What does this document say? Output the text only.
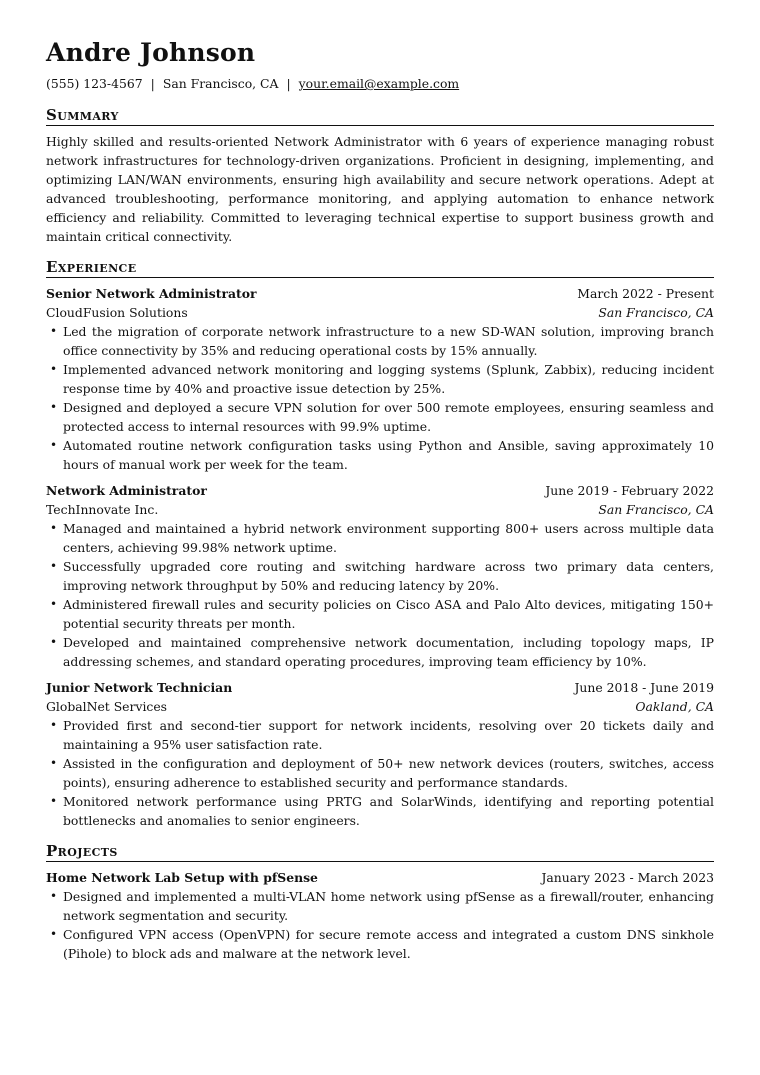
Andre Johnson
(555) 123-4567 | San Francisco, CA | your.email@example.com
Summary

Highly skilled and results-oriented Network Administrator with 6 years of experience managing robust network infrastructures for technology-driven organizations. Proficient in designing, implementing, and optimizing LAN/WAN environments, ensuring high availability and secure network operations. Adept at advanced troubleshooting, performance monitoring, and applying automation to enhance network efficiency and reliability. Committed to leveraging technical expertise to support business growth and maintain critical connectivity.

Experience
Senior Network Administrator	March 2022 - Present
CloudFusion Solutions	San Francisco, CA
• Led the migration of corporate network infrastructure to a new SD-WAN solution, improving branch office connectivity by 35% and reducing operational costs by 15% annually.
• Implemented advanced network monitoring and logging systems (Splunk, Zabbix), reducing incident response time by 40% and proactive issue detection by 25%.
• Designed and deployed a secure VPN solution for over 500 remote employees, ensuring seamless and protected access to internal resources with 99.9% uptime.
• Automated routine network configuration tasks using Python and Ansible, saving approximately 10 hours of manual work per week for the team.
Network Administrator	June 2019 - February 2022
TechInnovate Inc.	San Francisco, CA
• Managed and maintained a hybrid network environment supporting 800+ users across multiple data centers, achieving 99.98% network uptime.
• Successfully upgraded core routing and switching hardware across two primary data centers, improving network throughput by 50% and reducing latency by 20%.
• Administered firewall rules and security policies on Cisco ASA and Palo Alto devices, mitigating 150+ potential security threats per month.
• Developed and maintained comprehensive network documentation, including topology maps, IP addressing schemes, and standard operating procedures, improving team efficiency by 10%.
Junior Network Technician	June 2018 - June 2019
GlobalNet Services	Oakland, CA
• Provided first and second-tier support for network incidents, resolving over 20 tickets daily and maintaining a 95% user satisfaction rate.
• Assisted in the configuration and deployment of 50+ new network devices (routers, switches, access points), ensuring adherence to established security and performance standards.
• Monitored network performance using PRTG and SolarWinds, identifying and reporting potential bottlenecks and anomalies to senior engineers.
Projects
Home Network Lab Setup with pfSense	January 2023 - March 2023
• Designed and implemented a multi-VLAN home network using pfSense as a firewall/router, enhancing network segmentation and security.
• Configured VPN access (OpenVPN) for secure remote access and integrated a custom DNS sinkhole (Pihole) to block ads and malware at the network level.
